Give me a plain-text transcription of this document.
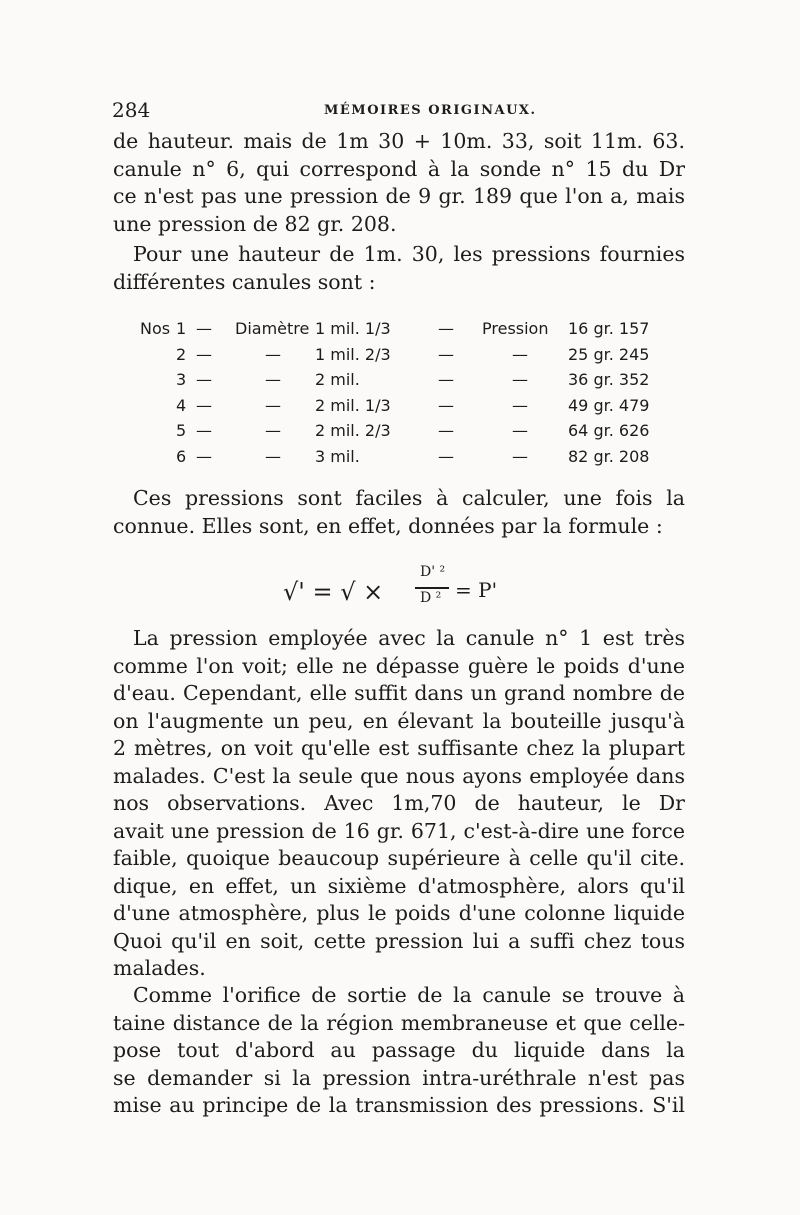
284	MÉMOIRES ORIGINAUX.
de hauteur. mais de 1m 30 + 10m. 33, soit 11m. 63.
canule n° 6, qui correspond à la sonde n° 15 du Dr
ce n'est pas une pression de 9 gr. 189 que l'on a, mais
une pression de 82 gr. 208.
Pour une hauteur de 1m. 30, les pressions fournies
différentes canules sont :
Nos 1 — Diamètre 1 mil. 1/3	— Pression 16 gr. 157
2 —	— 1 mil. 2/3	—	—	25 gr. 245
3 —	— 2 mil.	—	—	36 gr. 352
4 —	— 2 mil. 1/3	—	—	49 gr. 479
5 —	— 2 mil. 2/3	—	—	64 gr. 626
6 —	— 3 mil.	—	—	82 gr. 208
Ces pressions sont faciles à calculer, une fois la
connue. Elles sont, en effet, données par la formule :
√' = √ ×
D' ²
D ² = P'
La pression employée avec la canule n° 1 est très
comme l'on voit; elle ne dépasse guère le poids d'une
d'eau. Cependant, elle suffit dans un grand nombre de
on l'augmente un peu, en élevant la bouteille jusqu'à
2 mètres, on voit qu'elle est suffisante chez la plupart
malades. C'est la seule que nous ayons employée dans
nos observations. Avec 1m,70 de hauteur, le Dr
avait une pression de 16 gr. 671, c'est-à-dire une force
faible, quoique beaucoup supérieure à celle qu'il cite.
dique, en effet, un sixième d'atmosphère, alors qu'il
d'une atmosphère, plus le poids d'une colonne liquide
Quoi qu'il en soit, cette pression lui a suffi chez tous
malades.
Comme l'orifice de sortie de la canule se trouve à
taine distance de la région membraneuse et que celle-
pose tout d'abord au passage du liquide dans la
se demander si la pression intra-uréthrale n'est pas
mise au principe de la transmission des pressions. S'il
